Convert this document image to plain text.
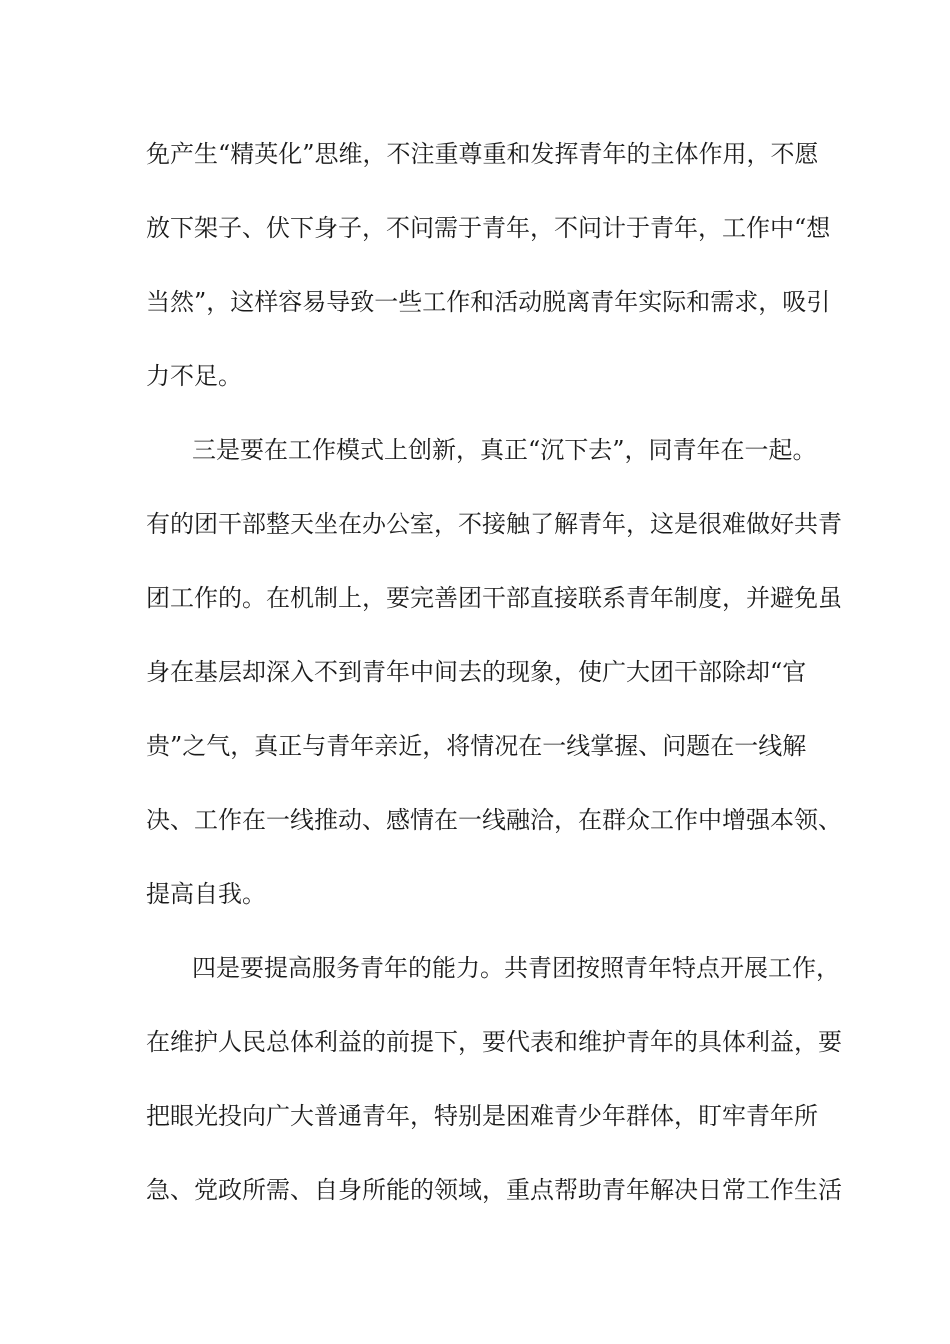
免产生“精英化”思维，不注重尊重和发挥青年的主体作用，不愿
放下架子、伏下身子，不问需于青年，不问计于青年，工作中“想
当然”，这样容易导致一些工作和活动脱离青年实际和需求，吸引
力不足。
三是要在工作模式上创新，真正“沉下去”，同青年在一起。
有的团干部整天坐在办公室，不接触了解青年，这是很难做好共青
团工作的。在机制上，要完善团干部直接联系青年制度，并避免虽
身在基层却深入不到青年中间去的现象，使广大团干部除却“官
贵”之气，真正与青年亲近，将情况在一线掌握、问题在一线解
决、工作在一线推动、感情在一线融洽，在群众工作中增强本领、
提高自我。
四是要提高服务青年的能力。共青团按照青年特点开展工作，
在维护人民总体利益的前提下，要代表和维护青年的具体利益，要
把眼光投向广大普通青年，特别是困难青少年群体，盯牢青年所
急、党政所需、自身所能的领域，重点帮助青年解决日常工作生活
